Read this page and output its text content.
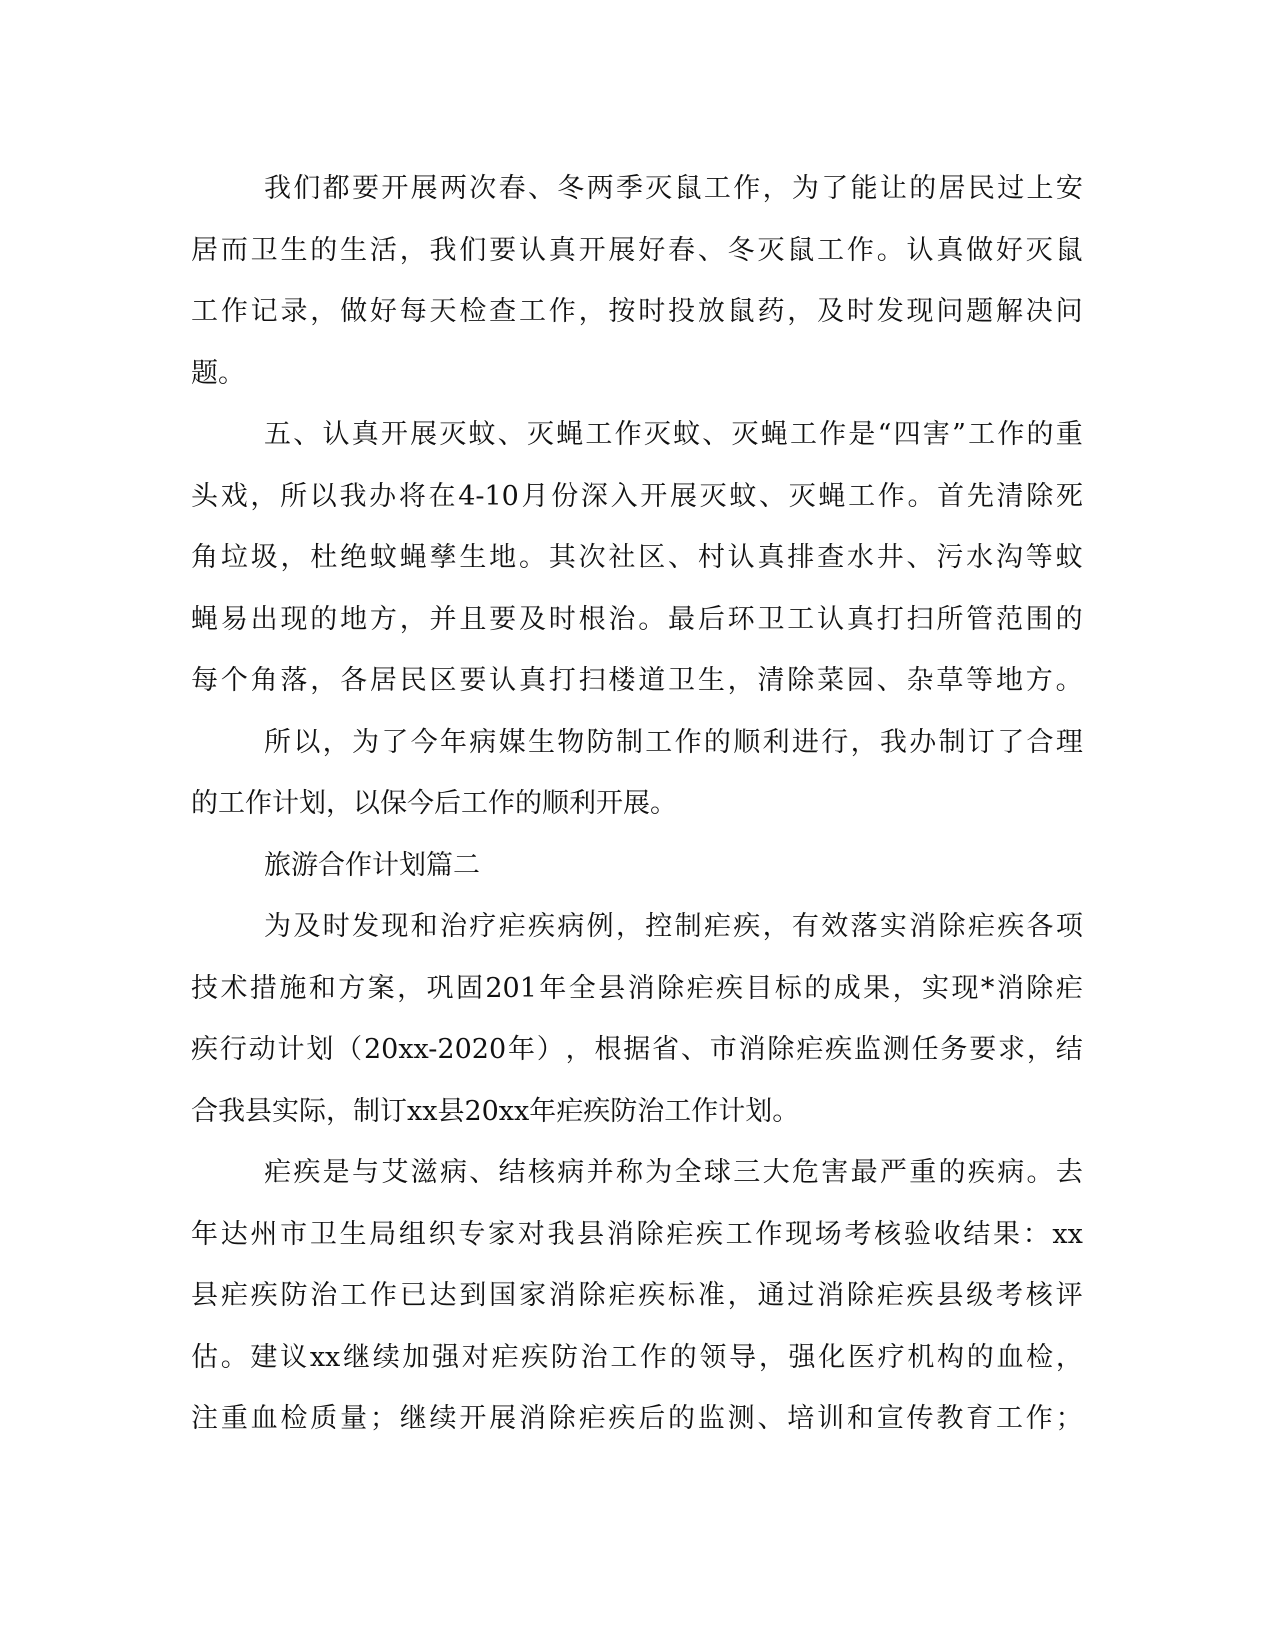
我 们 都 要 开 展 两 次 春 、 冬 两 季 灭 鼠 工 作 ， 为 了 能 让 的 居 民 过 上 安
居 而 卫 生 的 生 活 ， 我 们 要 认 真 开 展 好 春 、 冬 灭 鼠 工 作 。 认 真 做 好 灭 鼠
工 作 记 录 ， 做 好 每 天 检 查 工 作 ， 按 时 投 放 鼠 药 ， 及 时 发 现 问 题 解 决 问
题。
五 、 认 真 开 展 灭 蚊 、 灭 蝇 工 作 灭 蚊 、 灭 蝇 工 作 是 “ 四 害 ” 工 作 的 重
头 戏 ， 所 以 我 办 将 在 4-10 月 份 深 入 开 展 灭 蚊 、 灭 蝇 工 作 。 首 先 清 除 死
角 垃 圾 ， 杜 绝 蚊 蝇 孳 生 地 。 其 次 社 区 、 村 认 真 排 查 水 井 、 污 水 沟 等 蚊
蝇 易 出 现 的 地 方 ， 并 且 要 及 时 根 治 。 最 后 环 卫 工 认 真 打 扫 所 管 范 围 的
每 个 角 落 ， 各 居 民 区 要 认 真 打 扫 楼 道 卫 生 ， 清 除 菜 园 、 杂 草 等 地 方 。
所 以 ， 为 了 今 年 病 媒 生 物 防 制 工 作 的 顺 利 进 行 ， 我 办 制 订 了 合 理
的工作计划，以保今后工作的顺利开展。
旅游合作计划篇二
为 及 时 发 现 和 治 疗 疟 疾 病 例 ， 控 制 疟 疾 ， 有 效 落 实 消 除 疟 疾 各 项
技 术 措 施 和 方 案 ， 巩 固 201 年 全 县 消 除 疟 疾 目 标 的 成 果 ， 实 现 * 消 除 疟
疾 行 动 计 划 （ 20xx-2020 年 ） ， 根 据 省 、 市 消 除 疟 疾 监 测 任 务 要 求 ， 结
合我县实际，制订xx县20xx年疟疾防治工作计划。
疟 疾 是 与 艾 滋 病 、 结 核 病 并 称 为 全 球 三 大 危 害 最 严 重 的 疾 病 。 去
年 达 州 市 卫 生 局 组 织 专 家 对 我 县 消 除 疟 疾 工 作 现 场 考 核 验 收 结 果 ： xx
县 疟 疾 防 治 工 作 已 达 到 国 家 消 除 疟 疾 标 准 ， 通 过 消 除 疟 疾 县 级 考 核 评
估 。 建 议 xx 继 续 加 强 对 疟 疾 防 治 工 作 的 领 导 ， 强 化 医 疗 机 构 的 血 检 ，
注 重 血 检 质 量 ； 继 续 开 展 消 除 疟 疾 后 的 监 测 、 培 训 和 宣 传 教 育 工 作 ；
